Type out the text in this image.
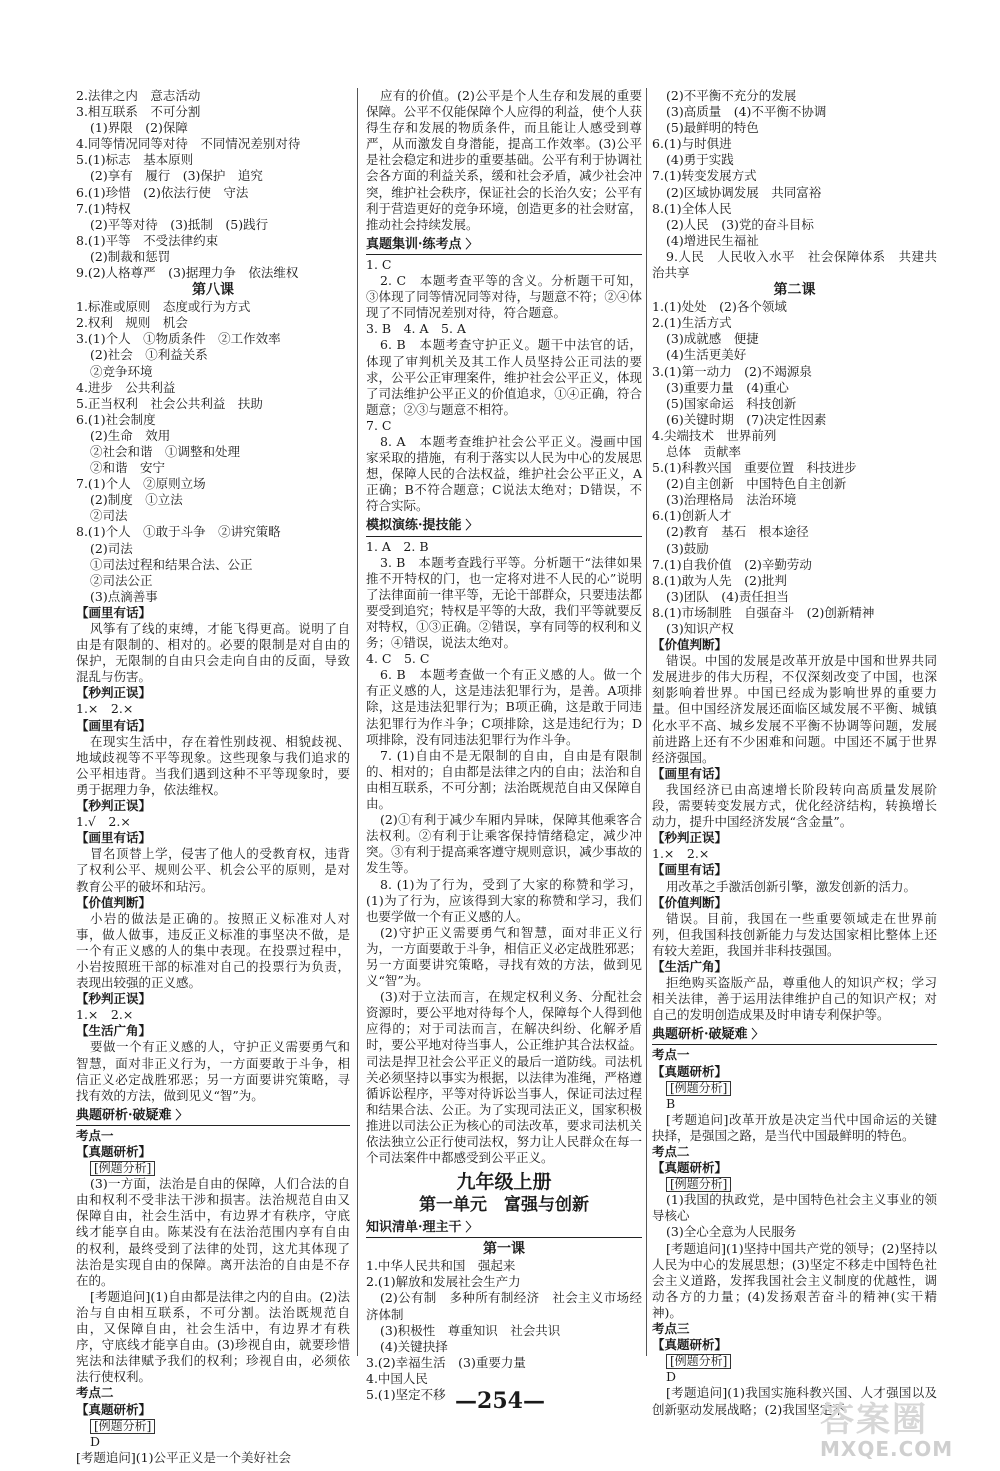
2.法律之内　意志活动
3.相互联系　不可分割
(1)界限　(2)保障
4.同等情况同等对待　不同情况差别对待
5.(1)标志　基本原则
(2)享有　履行　(3)保护　追究
6.(1)珍惜　(2)依法行使　守法
7.(1)特权
(2)平等对待　(3)抵制　(5)践行
8.(1)平等　不受法律约束
(2)制裁和惩罚
9.(2)人格尊严　(3)据理力争　依法维权
第八课
1.标准或原则　态度或行为方式
2.权利　规则　机会
3.(1)个人　①物质条件　②工作效率
(2)社会　①利益关系
②竞争环境
4.进步　公共利益
5.正当权利　社会公共利益　扶助
6.(1)社会制度
(2)生命　效用
②社会和谐　①调整和处理
②和谐　安宁
7.(1)个人　②原则立场
(2)制度　①立法
②司法
8.(1)个人　①敢于斗争　②讲究策略
(2)司法
①司法过程和结果合法、公正
②司法公正
(3)点滴善事
【画里有话】
风筝有了线的束缚，才能飞得更高。说明了自由是有限制的、相对的。必要的限制是对自由的保护，无限制的自由只会走向自由的反面，导致混乱与伤害。
【秒判正误】
1.×　2.×
【画里有话】
在现实生活中，存在着性别歧视、相貌歧视、地域歧视等不平等现象。这些现象与我们追求的公平相违背。当我们遇到这种不平等现象时，要勇于据理力争，依法维权。
【秒判正误】
1.√　2.×
【画里有话】
冒名顶替上学，侵害了他人的受教育权，违背了权利公平、规则公平、机会公平的原则，是对教育公平的破坏和玷污。
【价值判断】
小岩的做法是正确的。按照正义标准对人对事，做人做事，违反正义标准的事坚决不做，是一个有正义感的人的集中表现。在投票过程中，小岩按照班干部的标准对自己的投票行为负责，表现出较强的正义感。
【秒判正误】
1.×　2.×
【生活广角】
要做一个有正义感的人，守护正义需要勇气和智慧，面对非正义行为，一方面要敢于斗争，相信正义必定战胜邪恶；另一方面要讲究策略，寻找有效的方法，做到见义“智”为。
典题研析·破疑难 〉
考点一
【真题研析】
[例题分析]
(3)一方面，法治是自由的保障，人们合法的自由和权利不受非法干涉和损害。法治规范自由又保障自由，社会生活中，有边界才有秩序，守底线才能享自由。陈某没有在法治范围内享有自由的权利，最终受到了法律的处罚，这尤其体现了法治是实现自由的保障。离开法治的自由是不存在的。
[考题追问](1)自由都是法律之内的自由。(2)法治与自由相互联系，不可分割。法治既规范自由，又保障自由，社会生活中，有边界才有秩序，守底线才能享自由。(3)珍视自由，就要珍惜宪法和法律赋予我们的权利；珍视自由，必须依法行使权利。
考点二
【真题研析】
[例题分析]
D
[考题追问](1)公平正义是一个美好社会
应有的价值。(2)公平是个人生存和发展的重要保障。公平不仅能保障个人应得的利益，使个人获得生存和发展的物质条件，而且能让人感受到尊严，从而激发自身潜能，提高工作效率。(3)公平是社会稳定和进步的重要基础。公平有利于协调社会各方面的利益关系，缓和社会矛盾，减少社会冲突，维护社会秩序，保证社会的长治久安；公平有利于营造更好的竞争环境，创造更多的社会财富，推动社会持续发展。
真题集训·练考点 〉
1. C
2. C　本题考查平等的含义。分析题干可知，③体现了同等情况同等对待，与题意不符；②④体现了不同情况差别对待，符合题意。
3. B　4. A　5. A
6. B　本题考查守护正义。题干中法官的话，体现了审判机关及其工作人员坚持公正司法的要求，公平公正审理案件，维护社会公平正义，体现了司法维护公平正义的价值追求，①④正确，符合题意；②③与题意不相符。
7. C
8. A　本题考查维护社会公平正义。漫画中国家采取的措施，有利于落实以人民为中心的发展思想，保障人民的合法权益，维护社会公平正义，A正确；B不符合题意；C说法太绝对；D错误，不符合实际。
模拟演练·提技能 〉
1. A　2. B
3. B　本题考查践行平等。分析题干“法律如果推不开特权的门，也一定将对进不人民的心”说明了法律面前一律平等，无论干部群众，只要违法都要受到追究；特权是平等的大敌，我们平等就要反对特权，①③正确。②错误，享有同等的权利和义务；④错误，说法太绝对。
4. C　5. C
6. B　本题考查做一个有正义感的人。做一个有正义感的人，这是违法犯罪行为，是善。A项排除，这是违法犯罪行为；B项正确，这是敢于同违法犯罪行为作斗争；C项排除，这是违纪行为；D项排除，没有同违法犯罪行为作斗争。
7. (1)自由不是无限制的自由，自由是有限制的、相对的；自由都是法律之内的自由；法治和自由相互联系，不可分割；法治既规范自由又保障自由。
(2)①有利于减少车厢内异味，保障其他乘客合法权利。②有利于让乘客保持情绪稳定，减少冲突。③有利于提高乘客遵守规则意识，减少事故的发生等。
8. (1)为了行为，受到了大家的称赞和学习，(1)为了行为，应该得到大家的称赞和学习，我们也要学做一个有正义感的人。
(2)守护正义需要勇气和智慧，面对非正义行为，一方面要敢于斗争，相信正义必定战胜邪恶；另一方面要讲究策略，寻找有效的方法，做到见义“智”为。
(3)对于立法而言，在规定权利义务、分配社会资源时，要公平地对待每个人，保障每个人得到他应得的；对于司法而言，在解决纠纷、化解矛盾时，要公平地对待当事人，公正维护其合法权益。司法是捍卫社会公平正义的最后一道防线。司法机关必须坚持以事实为根据，以法律为准绳，严格遵循诉讼程序，平等对待诉讼当事人，保证司法过程和结果合法、公正。为了实现司法正义，国家积极推进以司法公正为核心的司法改革，要求司法机关依法独立公正行使司法权，努力让人民群众在每一个司法案件中都感受到公平正义。
九年级上册
第一单元　富强与创新
知识清单·理主干 〉
第一课
1.中华人民共和国　强起来
2.(1)解放和发展社会生产力
(2)公有制　多种所有制经济　社会主义市场经济体制
(3)积极性　尊重知识　社会共识
(4)关键抉择
3.(2)幸福生活　(3)重要力量
4.中国人民
5.(1)坚定不移
(2)不平衡不充分的发展
(3)高质量　(4)不平衡不协调
(5)最鲜明的特色
6.(1)与时俱进
(4)勇于实践
7.(1)转变发展方式
(2)区域协调发展　共同富裕
8.(1)全体人民
(2)人民　(3)党的奋斗目标
(4)增进民生福祉
9.人民　人民收入水平　社会保障体系　共建共治共享
第二课
1.(1)处处　(2)各个领域
2.(1)生活方式
(3)成就感　便捷
(4)生活更美好
3.(1)第一动力　(2)不竭源泉
(3)重要力量　(4)重心
(5)国家命运　科技创新
(6)关键时期　(7)决定性因素
4.尖端技术　世界前列
总体　贡献率
5.(1)科教兴国　重要位置　科技进步
(2)自主创新　中国特色自主创新
(3)治理格局　法治环境
6.(1)创新人才
(2)教育　基石　根本途径
(3)鼓励
7.(1)自我价值　(2)辛勤劳动
8.(1)敢为人先　(2)批判
(3)团队　(4)责任担当
8.(1)市场制胜　自强奋斗　(2)创新精神
(3)知识产权
【价值判断】
错误。中国的发展是改革开放是中国和世界共同发展进步的伟大历程，不仅深刻改变了中国，也深刻影响着世界。中国已经成为影响世界的重要力量。但中国经济发展还面临区域发展不平衡、城镇化水平不高、城乡发展不平衡不协调等问题，发展前进路上还有不少困难和问题。中国还不属于世界经济强国。
【画里有话】
我国经济已由高速增长阶段转向高质量发展阶段，需要转变发展方式，优化经济结构，转换增长动力，提升中国经济发展“含金量”。
【秒判正误】
1.×　2.×
【画里有话】
用改革之手激活创新引擎，激发创新的活力。
【价值判断】
错误。目前，我国在一些重要领域走在世界前列，但我国科技创新能力与发达国家相比整体上还有较大差距，我国并非科技强国。
【生活广角】
拒绝购买盗版产品，尊重他人的知识产权；学习相关法律，善于运用法律维护自己的知识产权；对自己的发明创造成果及时申请专利保护等。
典题研析·破疑难 〉
考点一
【真题研析】
[例题分析]
B
[考题追问]改革开放是决定当代中国命运的关键抉择，是强国之路，是当代中国最鲜明的特色。
考点二
【真题研析】
[例题分析]
(1)我国的执政党，是中国特色社会主义事业的领导核心
(3)全心全意为人民服务
[考题追问](1)坚持中国共产党的领导；(2)坚持以人民为中心的发展思想；(3)坚定不移走中国特色社会主义道路，发挥我国社会主义制度的优越性，调动各方的力量；(4)发扬艰苦奋斗的精神(实干精神)。
考点三
【真题研析】
[例题分析]
D
[考题追问](1)我国实施科教兴国、人才强国以及创新驱动发展战略；(2)我国坚定不
—254—	答案圈
MXQE.COM
